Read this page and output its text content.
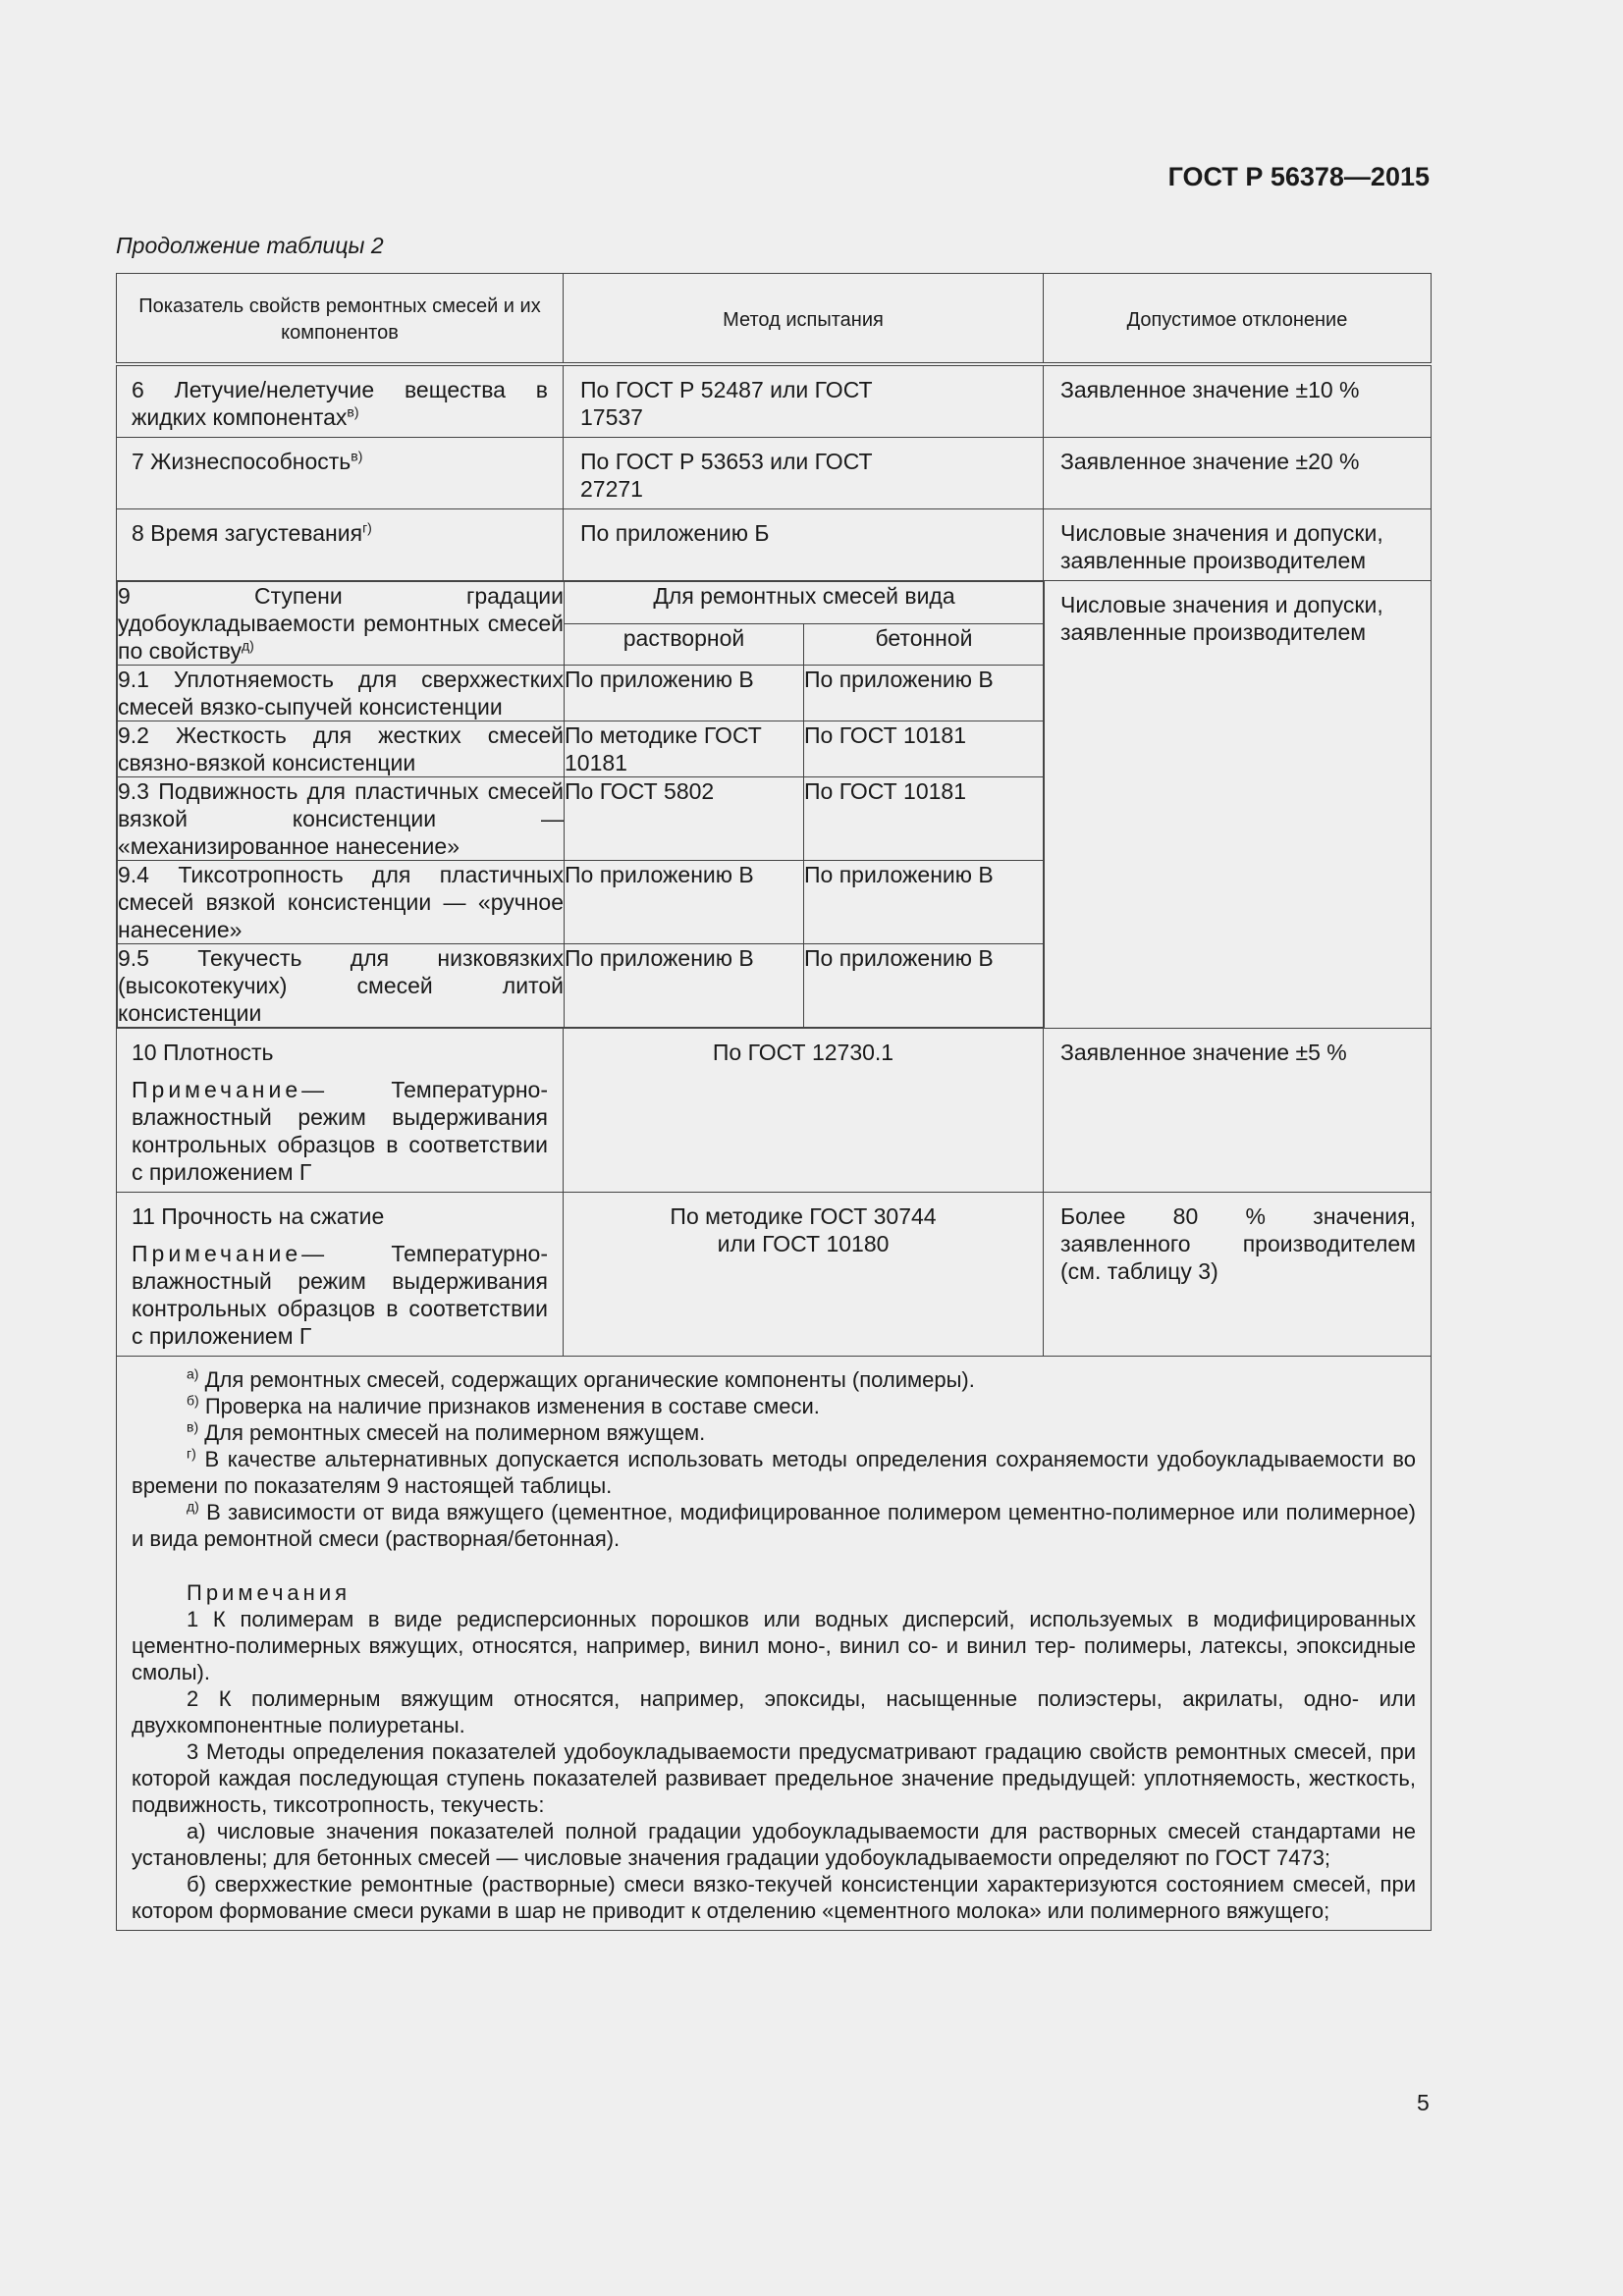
ГОСТ Р 56378—2015
Продолжение таблицы 2
Показатель свойств ремонтных смесей и их компонентов	Метод испытания	Допустимое отклонение
6 Летучие/нелетучие вещества в жидких компонентах$^{в)}$	По ГОСТ Р 52487 или ГОСТ 17537	Заявленное значение ±10 %
7 Жизнеспособность$^{в)}$	По ГОСТ Р 53653 или ГОСТ 27271	Заявленное значение ±20 %
8 Время загустевания$^{г)}$	По приложению Б	Числовые значения и допуски, заявленные производителем

9 Ступени градации удобоукладываемости ремонтных смесей по свойству$^{д)}$	Для ремонтных смесей вида
растворной	бетонной
9.1 Уплотняемость для сверхжестких смесей вязко-сыпучей консистенции	По приложению В	По приложению В
9.2 Жесткость для жестких смесей связно-вязкой консистенции	По методике ГОСТ 10181	По ГОСТ 10181
9.3 Подвижность для пластичных смесей вязкой консистенции — «механизированное нанесение»	По ГОСТ 5802	По ГОСТ 10181
9.4 Тиксотропность для пластичных смесей вязкой консистенции — «ручное нанесение»	По приложению В	По приложению В
9.5 Текучесть для низковязких (высокотекучих) смесей литой консистенции	По приложению В	По приложению В
	Числовые значения и допуски, заявленные производителем

10 Плотность
Примечание— Температурно-влажностный режим выдерживания контрольных образцов в соответствии с приложением Г
	По ГОСТ 12730.1	Заявленное значение ±5 %

11 Прочность на сжатие
Примечание— Температурно-влажностный режим выдерживания контрольных образцов в соответствии с приложением Г
	По методике ГОСТ 30744 или ГОСТ 10180	Более 80 % значения, заявленного производителем (см. таблицу 3)

$^{а)}$ Для ремонтных смесей, содержащих органические компоненты (полимеры).
$^{б)}$ Проверка на наличие признаков изменения в составе смеси.
$^{в)}$ Для ремонтных смесей на полимерном вяжущем.
$^{г)}$ В качестве альтернативных допускается использовать методы определения сохраняемости удобоукладываемости во времени по показателям 9 настоящей таблицы.
$^{д)}$ В зависимости от вида вяжущего (цементное, модифицированное полимером цементно-полимерное или полимерное) и вида ремонтной смеси (растворная/бетонная).
Примечания
1 К полимерам в виде редисперсионных порошков или водных дисперсий, используемых в модифицированных цементно-полимерных вяжущих, относятся, например, винил моно-, винил со- и винил тер- полимеры, латексы, эпоксидные смолы).
2 К полимерным вяжущим относятся, например, эпоксиды, насыщенные полиэстеры, акрилаты, одно- или двухкомпонентные полиуретаны.
3 Методы определения показателей удобоукладываемости предусматривают градацию свойств ремонтных смесей, при которой каждая последующая ступень показателей развивает предельное значение предыдущей: уплотняемость, жесткость, подвижность, тиксотропность, текучесть:
а) числовые значения показателей полной градации удобоукладываемости для растворных смесей стандартами не установлены; для бетонных смесей — числовые значения градации удобоукладываемости определяют по ГОСТ 7473;
б) сверхжесткие ремонтные (растворные) смеси вязко-текучей консистенции характеризуются состоянием смесей, при котором формование смеси руками в шар не приводит к отделению «цементного молока» или полимерного вяжущего;
5
